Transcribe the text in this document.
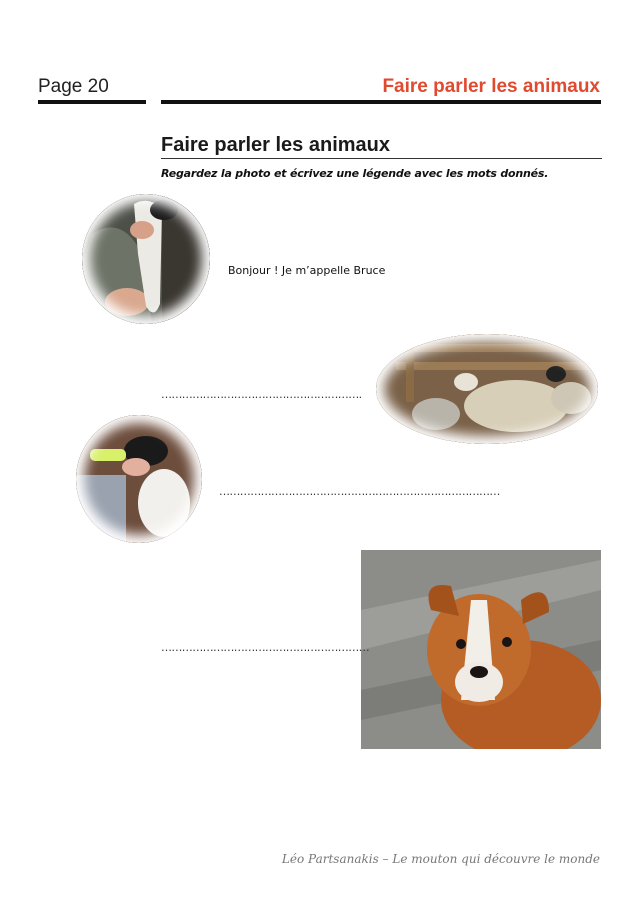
Page 20	Faire parler les animaux
Faire parler les animaux
Regardez la photo et écrivez une légende avec les mots donnés.
Bonjour ! Je m’appelle Bruce
………………………………………………….
………………………………………………………………………
……………………………………………………
Léo Partsanakis – Le mouton qui découvre le monde
